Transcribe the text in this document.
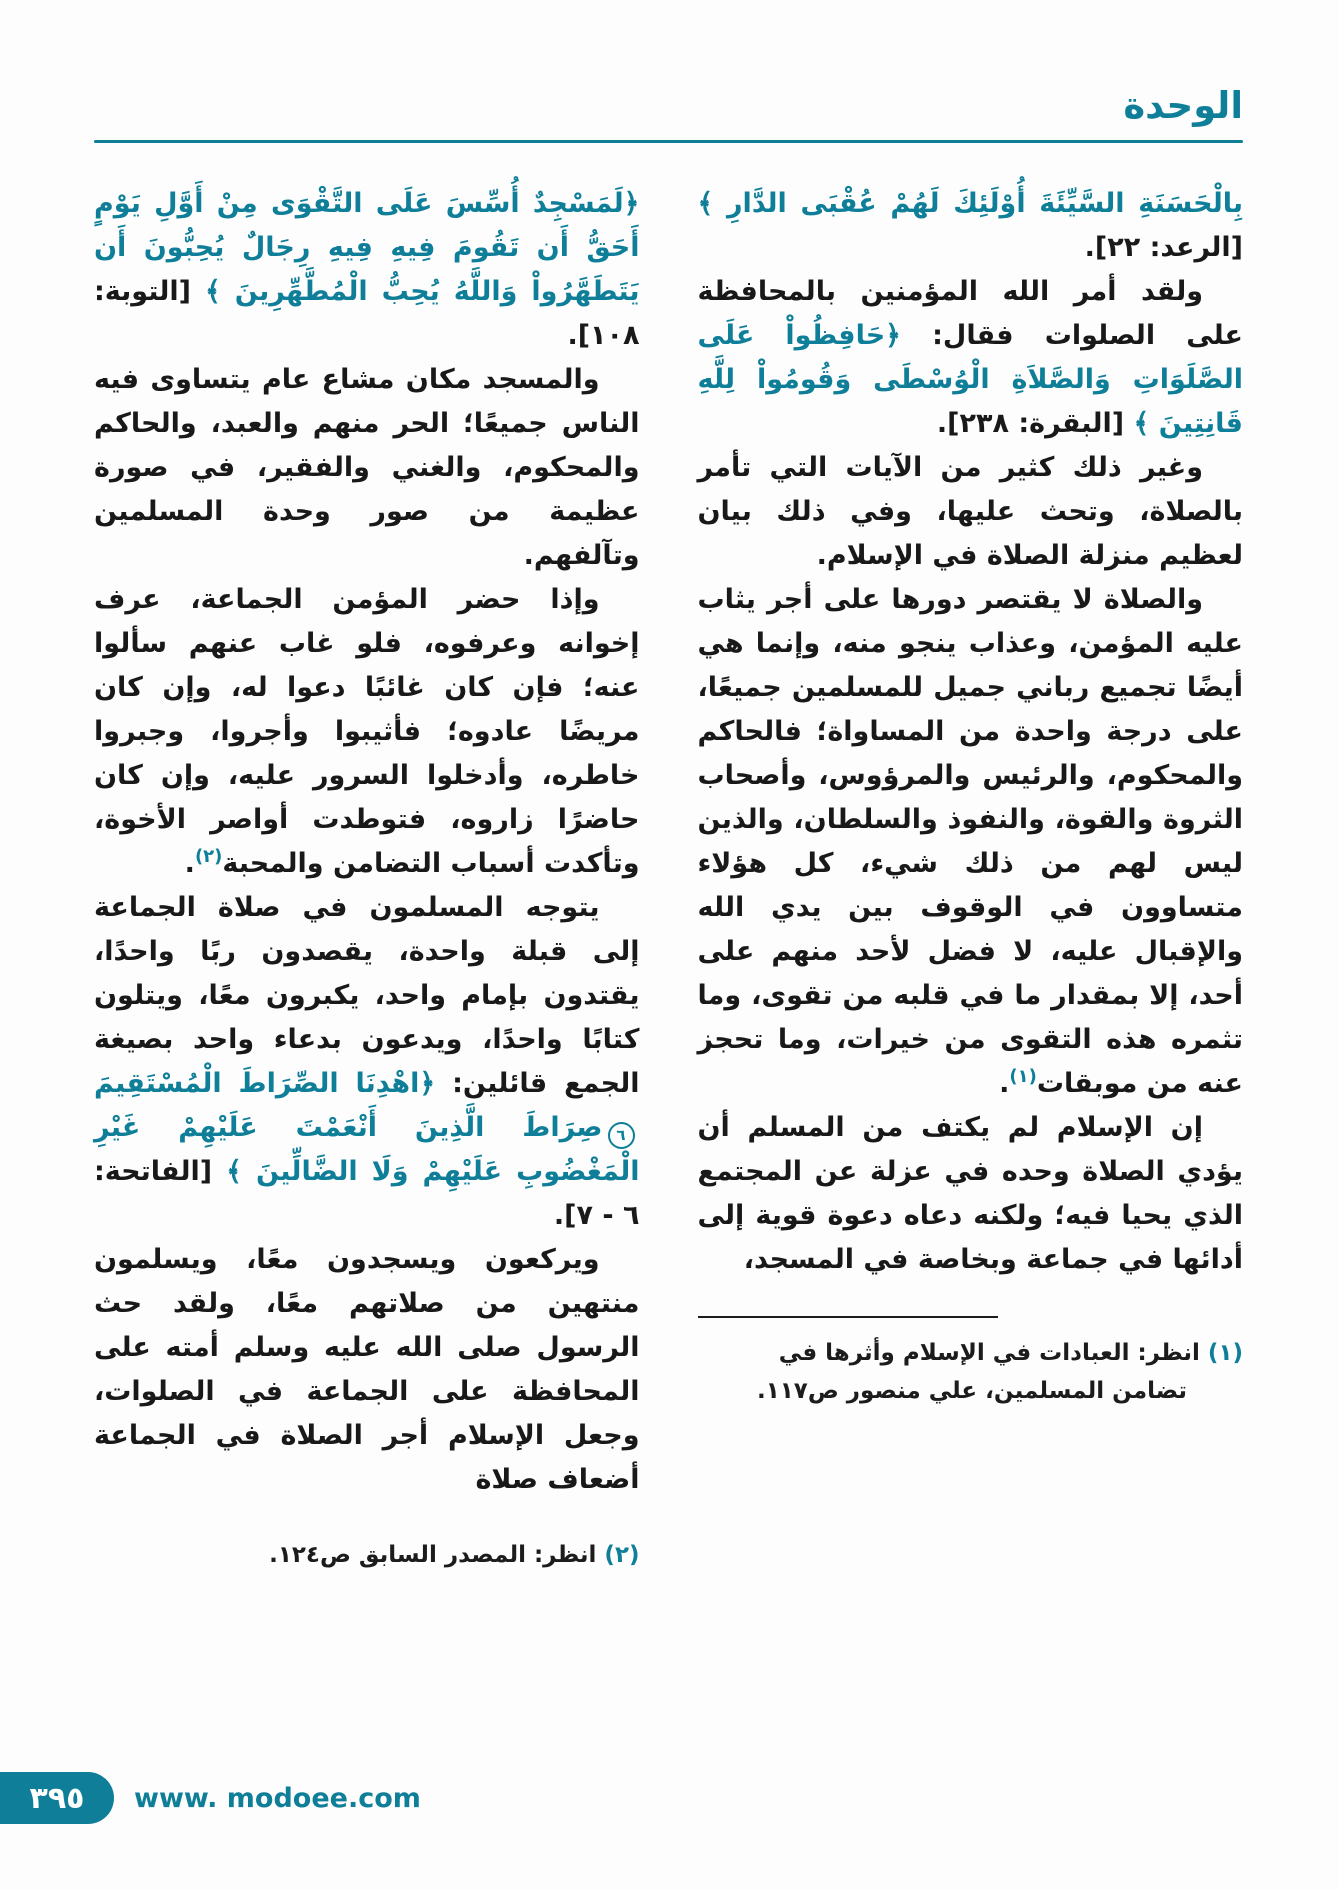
الوحدة

بِالْحَسَنَةِ السَّيِّئَةَ أُوْلَئِكَ لَهُمْ عُقْبَى الدَّارِ ﴾ [الرعد: ٢٢].

ولقد أمر الله المؤمنين بالمحافظة على الصلوات فقال: ﴿حَافِظُواْ عَلَى الصَّلَوَاتِ وَالصَّلاَةِ الْوُسْطَى وَقُومُواْ لِلَّهِ قَانِتِينَ ﴾ [البقرة: ٢٣٨].

وغير ذلك كثير من الآيات التي تأمر بالصلاة، وتحث عليها، وفي ذلك بيان لعظيم منزلة الصلاة في الإسلام.

والصلاة لا يقتصر دورها على أجر يثاب عليه المؤمن، وعذاب ينجو منه، وإنما هي أيضًا تجميع رباني جميل للمسلمين جميعًا، على درجة واحدة من المساواة؛ فالحاكم والمحكوم، والرئيس والمرؤوس، وأصحاب الثروة والقوة، والنفوذ والسلطان، والذين ليس لهم من ذلك شيء، كل هؤلاء متساوون في الوقوف بين يدي الله والإقبال عليه، لا فضل لأحد منهم على أحد، إلا بمقدار ما في قلبه من تقوى، وما تثمره هذه التقوى من خيرات، وما تحجز عنه من موبقات$^{(١)}$.

إن الإسلام لم يكتف من المسلم أن يؤدي الصلاة وحده في عزلة عن المجتمع الذي يحيا فيه؛ ولكنه دعاه دعوة قوية إلى أدائها في جماعة وبخاصة في المسجد،

(١) انظر: العبادات في الإسلام وأثرها في تضامن المسلمين، علي منصور ص١١٧.

﴿لَمَسْجِدٌ أُسِّسَ عَلَى التَّقْوَى مِنْ أَوَّلِ يَوْمٍ أَحَقُّ أَن تَقُومَ فِيهِ فِيهِ رِجَالٌ يُحِبُّونَ أَن يَتَطَهَّرُواْ وَاللَّهُ يُحِبُّ الْمُطَّهِّرِينَ ﴾ [التوبة: ١٠٨].

والمسجد مكان مشاع عام يتساوى فيه الناس جميعًا؛ الحر منهم والعبد، والحاكم والمحكوم، والغني والفقير، في صورة عظيمة من صور وحدة المسلمين وتآلفهم.

وإذا حضر المؤمن الجماعة، عرف إخوانه وعرفوه، فلو غاب عنهم سألوا عنه؛ فإن كان غائبًا دعوا له، وإن كان مريضًا عادوه؛ فأثيبوا وأجروا، وجبروا خاطره، وأدخلوا السرور عليه، وإن كان حاضرًا زاروه، فتوطدت أواصر الأخوة، وتأكدت أسباب التضامن والمحبة$^{(٢)}$.

يتوجه المسلمون في صلاة الجماعة إلى قبلة واحدة، يقصدون ربًا واحدًا، يقتدون بإمام واحد، يكبرون معًا، ويتلون كتابًا واحدًا، ويدعون بدعاء واحد بصيغة الجمع قائلين: ﴿اهْدِنَا الصِّرَاطَ الْمُسْتَقِيمَ٦صِرَاطَ الَّذِينَ أَنْعَمْتَ عَلَيْهِمْ غَيْرِ الْمَغْضُوبِ عَلَيْهِمْ وَلَا الضَّالِّينَ ﴾ [الفاتحة: ٦ - ٧].

ويركعون ويسجدون معًا، ويسلمون منتهين من صلاتهم معًا، ولقد حث الرسول صلى الله عليه وسلم أمته على المحافظة على الجماعة في الصلوات، وجعل الإسلام أجر الصلاة في الجماعة أضعاف صلاة

(٢) انظر: المصدر السابق ص١٢٤.

٣٩٥ www. modoee.com
